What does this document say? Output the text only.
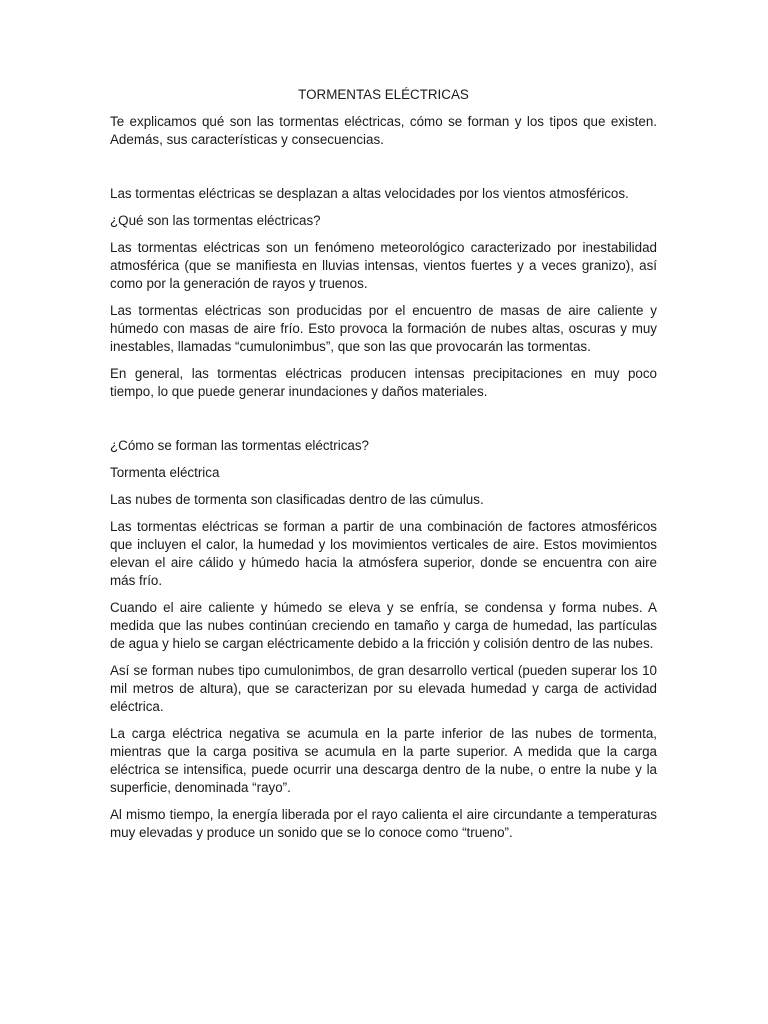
TORMENTAS ELÉCTRICAS

Te explicamos qué son las tormentas eléctricas, cómo se forman y los tipos que existen. Además, sus características y consecuencias.

Las tormentas eléctricas se desplazan a altas velocidades por los vientos atmosféricos.

¿Qué son las tormentas eléctricas?

Las tormentas eléctricas son un fenómeno meteorológico caracterizado por inestabilidad atmosférica (que se manifiesta en lluvias intensas, vientos fuertes y a veces granizo), así como por la generación de rayos y truenos.

Las tormentas eléctricas son producidas por el encuentro de masas de aire caliente y húmedo con masas de aire frío. Esto provoca la formación de nubes altas, oscuras y muy inestables, llamadas “cumulonimbus”, que son las que provocarán las tormentas.

En general, las tormentas eléctricas producen intensas precipitaciones en muy poco tiempo, lo que puede generar inundaciones y daños materiales.

¿Cómo se forman las tormentas eléctricas?

Tormenta eléctrica

Las nubes de tormenta son clasificadas dentro de las cúmulus.

Las tormentas eléctricas se forman a partir de una combinación de factores atmosféricos que incluyen el calor, la humedad y los movimientos verticales de aire. Estos movimientos elevan el aire cálido y húmedo hacia la atmósfera superior, donde se encuentra con aire más frío.

Cuando el aire caliente y húmedo se eleva y se enfría, se condensa y forma nubes. A medida que las nubes continúan creciendo en tamaño y carga de humedad, las partículas de agua y hielo se cargan eléctricamente debido a la fricción y colisión dentro de las nubes.

Así se forman nubes tipo cumulonimbos, de gran desarrollo vertical (pueden superar los 10 mil metros de altura), que se caracterizan por su elevada humedad y carga de actividad eléctrica.

La carga eléctrica negativa se acumula en la parte inferior de las nubes de tormenta, mientras que la carga positiva se acumula en la parte superior. A medida que la carga eléctrica se intensifica, puede ocurrir una descarga dentro de la nube, o entre la nube y la superficie, denominada “rayo”.

Al mismo tiempo, la energía liberada por el rayo calienta el aire circundante a temperaturas muy elevadas y produce un sonido que se lo conoce como “trueno”.
